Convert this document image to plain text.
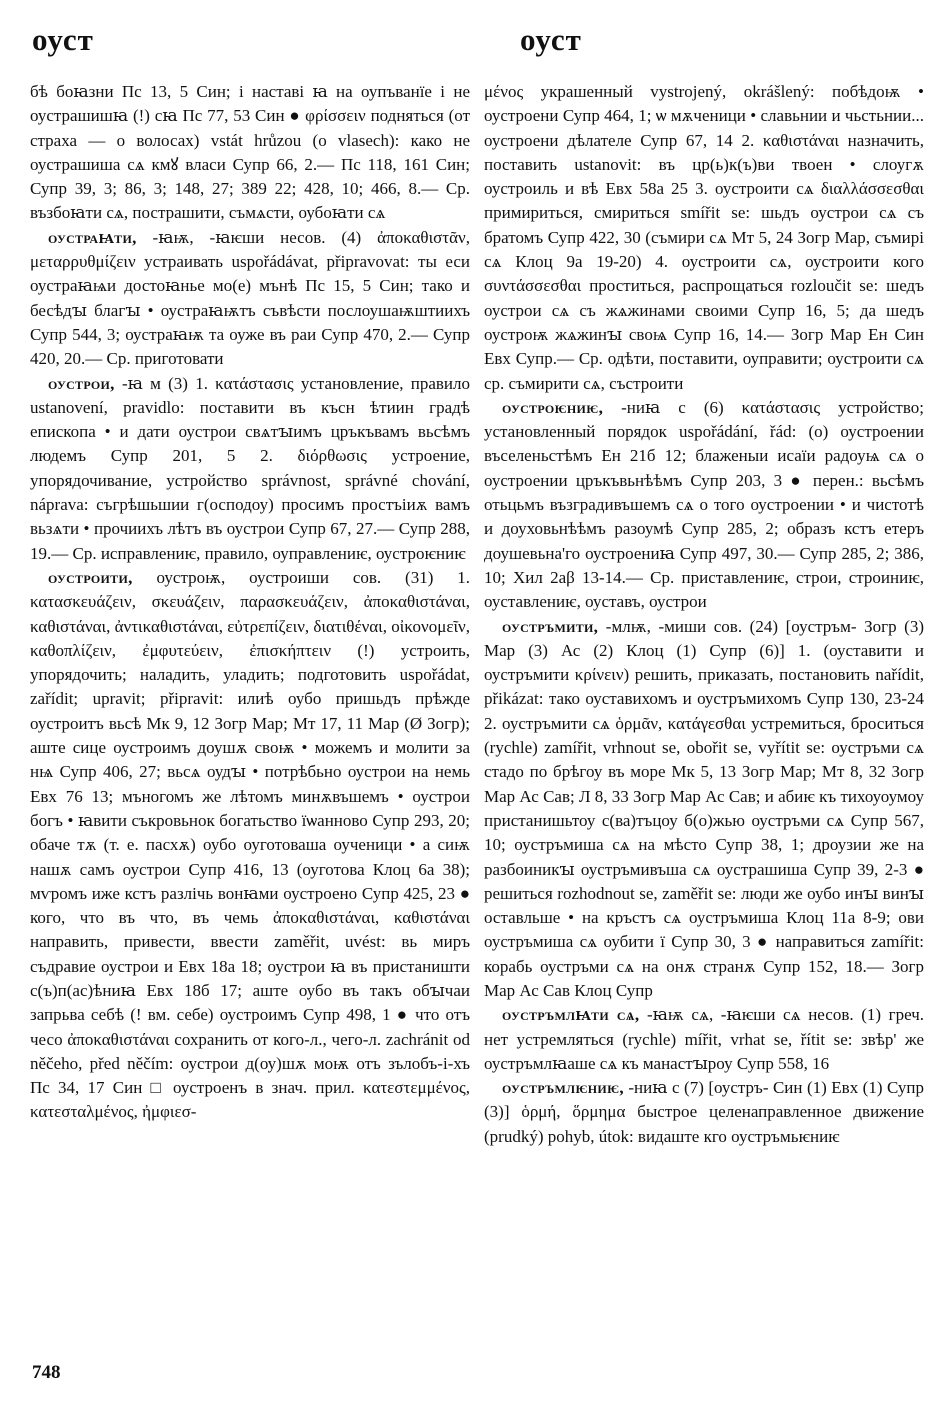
оуст	оуст

бѣ боꙗзни Пс 13, 5 Син; і наставі ꙗ на оупъванїе і не оустрашишꙗ (!) сꙗ Пс 77, 53 Син ● φρίσσειν подняться (от страха — о волосах) vstát hrůzou (o vlasech): како не оустрашиша сѧ кмꙋ власи Супр 66, 2.— Пс 118, 161 Син; Супр 39, 3; 86, 3; 148, 27; 389 22; 428, 10; 466, 8.— Ср. възбоꙗти сѧ, пострашити, съмѧсти, оубоꙗти сѧ

оустраꙗти, -ꙗѭ, -ꙗѥши несов. (4) ἀποκαθιστᾶν, μεταρρυθμίζειν устраивать uspořádávat, připravovat: ты еси оустраꙗѩи достоꙗнье мо(е) мънѣ Пс 15, 5 Син; тако и бесѣдꙑ благꙑ • оустраꙗѭтъ съвѣсти послоушаѭштиихъ Супр 544, 3; оустраꙗѭ та оуже въ раи Супр 470, 2.— Супр 420, 20.— Ср. приготовати

оустрои, -ꙗ м (3) 1. κατάστασις установление, правило ustanovení, pravidlo: поставити въ късн ѣтиин градѣ епископа • и дати оустрои свѧтꙑимъ цръкъвамъ вьсѣмъ людемъ Супр 201, 5 2. διόρθωσις устроение, упорядочивание, устройство správnost, správné chování, náprava: съгрѣшьшии г(осподоу) просимъ простъіиѫ вамъ вьзѧти • прочиихъ лѣтъ въ оустрои Супр 67, 27.— Супр 288, 19.— Ср. исправлениѥ, правило, оуправлениѥ, оустроѥниѥ

оустроити, оустроѭ, оустроиши сов. (31) 1. κατασκευάζειν, σκευάζειν, παρασκευάζειν, ἀποκαθιστάναι, καθιστάναι, ἀντικαθιστάναι, εὐτρεπίζειν, διατιθέναι, οἰκονομεῖν, καθοπλίζειν, ἐμφυτεύειν, ἐπισκήπτειν (!) устроить, упорядочить; наладить, уладить; подготовить uspořádat, zařídit; upravit; připravit: илиѣ оубо пришьдъ прѣжде оустроитъ вьсѣ Мк 9, 12 Зогр Мар; Мт 17, 11 Мар (Ø Зогр); аште сице оустроимъ доушѫ своѭ • можемъ и молити за нѩ Супр 406, 27; вьсѧ оудꙑ • потрѣбьно оустрои на немь Евх 76 13; мъногомъ же лѣтомъ минѫвъшемъ • оустрои богъ • ꙗвити съкровьнок богатьство їѡанново Супр 293, 20; обаче тѫ (т. е. пасхѫ) оубо оуготоваша оученици • а сиѭ нашѫ самъ оустрои Супр 416, 13 (оуготова Клоц 6а 38); мѵромъ иже кстъ разлічь вонꙗми оустроено Супр 425, 23 ● кого, что въ что, въ чемь ἀποκαθιστάναι, καθιστάναι направить, привести, ввести zaměřit, uvést: вь миръ съдравие оустрои и Евх 18а 18; оустрои ꙗ въ пристаништи с(ъ)п(ас)ѣниꙗ Евх 18б 17; аште оубо въ такъ обꙑчаи запрьва себѣ (! вм. себе) оустроимъ Супр 498, 1 ● что отъ чесо ἀποκαθιστάναι сохранить от кого-л., чего-л. zachránit od něčeho, před něčím: оустрои д(оу)шѫ моѭ отъ зълобъ-і-хъ Пс 34, 17 Син □ оустроенъ в знач. прил. κατεστεμμένος, κατεσταλμένος, ἠμφιεσ-

μένος украшенный vystrojený, okrášlený: побѣдоѭ • оустроени Супр 464, 1; ѡ мѫченици • славьнии и чьстьнии... оустроени дѣлателе Супр 67, 14 2. καθιστάναι назначить, поставить ustanovit: въ цр(ь)к(ъ)ви твоен • слоугѫ оустроиль и вѣ Евх 58а 25 3. оустроити сѧ διαλλάσσεσθαι примириться, смириться smířit se: шьдъ оустрои сѧ съ братомъ Супр 422, 30 (съмири сѧ Мт 5, 24 Зогр Мар, съмирі сѧ Клоц 9а 19-20) 4. оустроити сѧ, оустроити кого συντάσσεσθαι проститься, распрощаться rozloučit se: шедъ оустрои сѧ съ жѧжинами своими Супр 16, 5; да шедъ оустроѭ жѧжинꙑ своѩ Супр 16, 14.— Зогр Мар Ен Син Евх Супр.— Ср. одѣти, поставити, оуправити; оустроити сѧ ср. съмирити сѧ, състроити

оустроѥниѥ, -ниꙗ с (6) κατάστασις устройство; установленный порядок uspořádání, řád: (о) оустроении въселеньстѣмъ Ен 21б 12; блаженыи исаїи радоуѩ сѧ о оустроении цръкъвьнѣѣмъ Супр 203, 3 ● перен.: вьсѣмъ отьцьмъ възградивъшемъ сѧ о того оустроении • и чистотѣ и доуховьнѣѣмъ разоумѣ Супр 285, 2; образъ кстъ етеръ доушевьна'го оустроениꙗ Супр 497, 30.— Супр 285, 2; 386, 10; Хил 2аβ 13-14.— Ср. приставлениѥ, строи, строиниѥ, оуставлениѥ, оуставъ, оустрои

оустръмити, -млѭ, -миши сов. (24) [оустръм- Зогр (3) Мар (3) Ас (2) Клоц (1) Супр (6)] 1. (оуставити и оустръмити κρίνειν) решить, приказать, постановить nařídit, přikázat: тако оуставихомъ и оустръмихомъ Супр 130, 23-24 2. оустръмити сѧ ὁρμᾶν, κατάγεσθαι устремиться, броситься (rychle) zamířit, vrhnout se, obořit se, vyřítit se: оустръми сѧ стадо по брѣгоу въ море Мк 5, 13 Зогр Мар; Мт 8, 32 Зогр Мар Ас Сав; Л 8, 33 Зогр Мар Ас Сав; и абиѥ къ тихоуоумоу пристанишьтоу с(ва)тъцоу б(о)жью оустръми сѧ Супр 567, 10; оустръмиша сѧ на мѣсто Супр 38, 1; дроузии же на разбоиникꙑ оустръмивъша сѧ оустрашиша Супр 39, 2-3 ● решиться rozhodnout se, zaměřit se: люди же оубо инꙑ винꙑ оставльше • на кръстъ сѧ оустръмиша Клоц 11а 8-9; ови оустръмиша сѧ оубити ї Супр 30, 3 ● направиться zamířit: корабь оустръми сѧ на онѫ странѫ Супр 152, 18.— Зогр Мар Ас Сав Клоц Супр

оустръмлꙗти сѧ, -ꙗѭ сѧ, -ꙗѥши сѧ несов. (1) греч. нет устремляться (rychle) mířit, vrhat se, řítit se: звѣр' же оустръмлꙗаше сѧ къ манастꙑроу Супр 558, 16

оустръмлѥниѥ, -ниꙗ с (7) [оустръ- Син (1) Евх (1) Супр (3)] ὁρμή, ὅρμημα быстрое целенаправленное движение (prudký) pohyb, útok: видаште кго оустръмьѥниѥ

748
